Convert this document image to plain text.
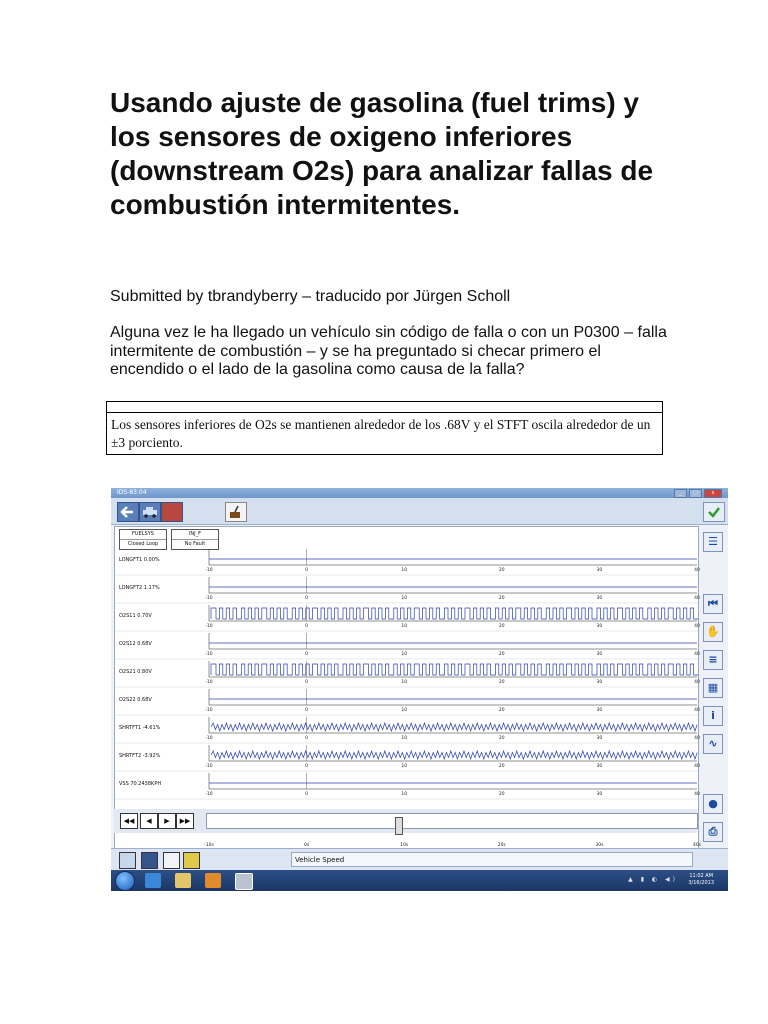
Usando ajuste de gasolina (fuel trims) y los sensores de oxigeno inferiores (downstream O2s) para analizar fallas de combustión intermitentes.
Submitted by tbrandyberry – traducido por Jürgen Scholl
Alguna vez le ha llegado un vehículo sin código de falla o con un P0300 – falla intermitente de combustión – y se ha preguntado si checar primero el encendido o el lado de la gasolina como causa de la falla?
Los sensores inferiores de O2s se mantienen alrededor de los .68V y el STFT oscila alrededor de un ±3 porciento.
IDS-83.04	_	□	x
FUELSYS
Closed Loop
INJ_F
No Fault
LONGFT1 0.00%
-10	0	10	20	30	40
LONGFT2 1.17%
-10	0	10	20	30	40
O2S11 0.70V
-10	0	10	20	30	40
O2S12 0.68V
-10	0	10	20	30	40
O2S21 0.80V
-10	0	10	20	30	40
O2S22 0.68V
-10	0	10	20	30	40
SHRTFT1 -4.61%
-10	0	10	20	30	40
SHRTFT2 -3.92%
-10	0	10	20	30	40
VSS 70.2438KPH
-10	0	10	20	30	40
-10s	0s	10s	20s	30s	40s
☰
⏮
✋
≡
▦
i
∿
●
⎙
◀◀	◀	▶	▶▶
Vehicle Speed
▲ ▮ ◐ ◀) 11:02 AM
3/16/2013
